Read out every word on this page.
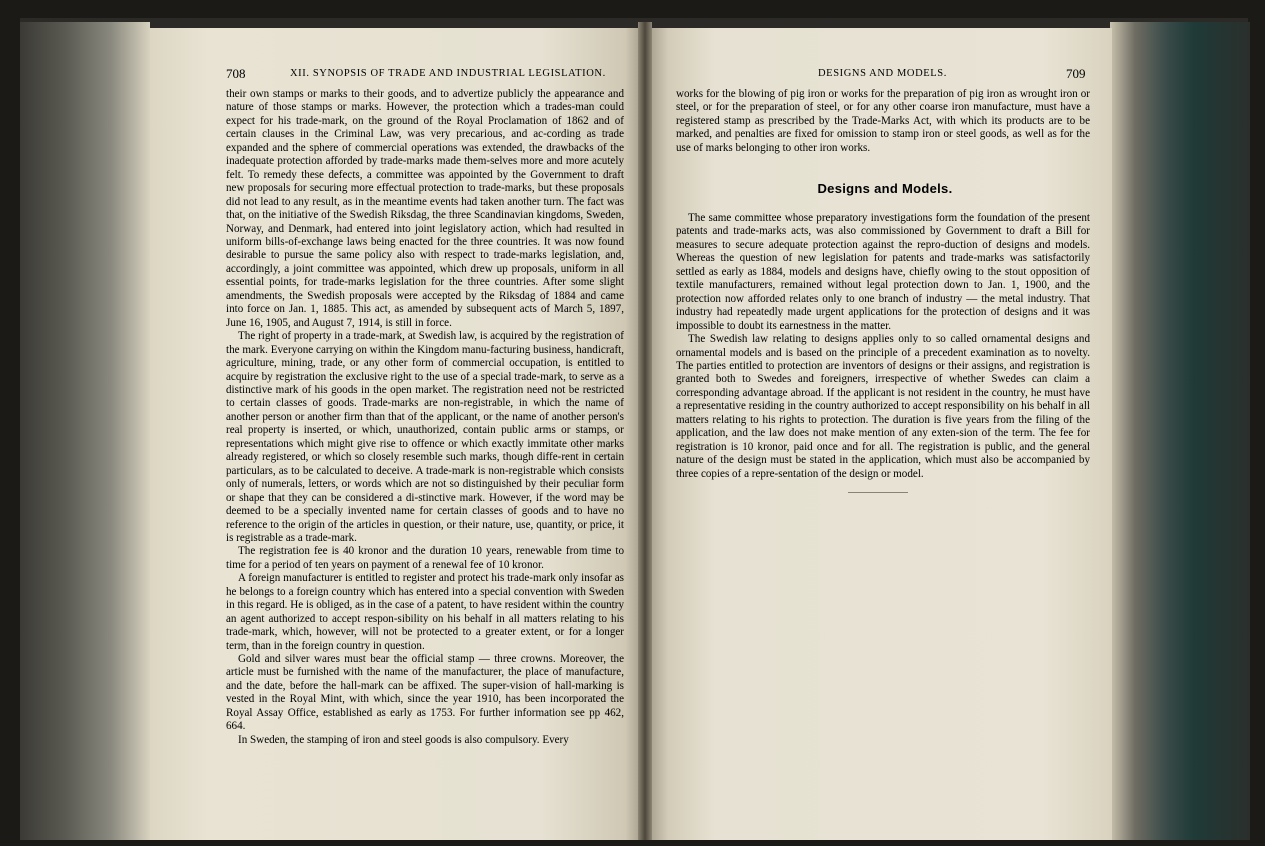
708	XII. SYNOPSIS OF TRADE AND INDUSTRIAL LEGISLATION.

their own stamps or marks to their goods, and to advertize publicly the appearance and nature of those stamps or marks. However, the protection which a trades-man could expect for his trade-mark, on the ground of the Royal Proclamation of 1862 and of certain clauses in the Criminal Law, was very precarious, and ac-cording as trade expanded and the sphere of commercial operations was extended, the drawbacks of the inadequate protection afforded by trade-marks made them-selves more and more acutely felt. To remedy these defects, a committee was appointed by the Government to draft new proposals for securing more effectual protection to trade-marks, but these proposals did not lead to any result, as in the meantime events had taken another turn. The fact was that, on the initiative of the Swedish Riksdag, the three Scandinavian kingdoms, Sweden, Norway, and Denmark, had entered into joint legislatory action, which had resulted in uniform bills-of-exchange laws being enacted for the three countries. It was now found desirable to pursue the same policy also with respect to trade-marks legislation, and, accordingly, a joint committee was appointed, which drew up proposals, uniform in all essential points, for trade-marks legislation for the three countries. After some slight amendments, the Swedish proposals were accepted by the Riksdag of 1884 and came into force on Jan. 1, 1885. This act, as amended by subsequent acts of March 5, 1897, June 16, 1905, and August 7, 1914, is still in force.

The right of property in a trade-mark, at Swedish law, is acquired by the registration of the mark. Everyone carrying on within the Kingdom manu-facturing business, handicraft, agriculture, mining, trade, or any other form of commercial occupation, is entitled to acquire by registration the exclusive right to the use of a special trade-mark, to serve as a distinctive mark of his goods in the open market. The registration need not be restricted to certain classes of goods. Trade-marks are non-registrable, in which the name of another person or another firm than that of the applicant, or the name of another person's real property is inserted, or which, unauthorized, contain public arms or stamps, or representations which might give rise to offence or which exactly immitate other marks already registered, or which so closely resemble such marks, though diffe-rent in certain particulars, as to be calculated to deceive. A trade-mark is non-registrable which consists only of numerals, letters, or words which are not so distinguished by their peculiar form or shape that they can be considered a di-stinctive mark. However, if the word may be deemed to be a specially invented name for certain classes of goods and to have no reference to the origin of the articles in question, or their nature, use, quantity, or price, it is registrable as a trade-mark.

The registration fee is 40 kronor and the duration 10 years, renewable from time to time for a period of ten years on payment of a renewal fee of 10 kronor.

A foreign manufacturer is entitled to register and protect his trade-mark only insofar as he belongs to a foreign country which has entered into a special convention with Sweden in this regard. He is obliged, as in the case of a patent, to have resident within the country an agent authorized to accept respon-sibility on his behalf in all matters relating to his trade-mark, which, however, will not be protected to a greater extent, or for a longer term, than in the foreign country in question.

Gold and silver wares must bear the official stamp — three crowns. Moreover, the article must be furnished with the name of the manufacturer, the place of manufacture, and the date, before the hall-mark can be affixed. The super-vision of hall-marking is vested in the Royal Mint, with which, since the year 1910, has been incorporated the Royal Assay Office, established as early as 1753. For further information see pp 462, 664.

In Sweden, the stamping of iron and steel goods is also compulsory. Every

DESIGNS AND MODELS.	709

works for the blowing of pig iron or works for the preparation of pig iron as wrought iron or steel, or for the preparation of steel, or for any other coarse iron manufacture, must have a registered stamp as prescribed by the Trade-Marks Act, with which its products are to be marked, and penalties are fixed for omission to stamp iron or steel goods, as well as for the use of marks belonging to other iron works.

Designs and Models.

The same committee whose preparatory investigations form the foundation of the present patents and trade-marks acts, was also commissioned by Government to draft a Bill for measures to secure adequate protection against the repro-duction of designs and models. Whereas the question of new legislation for patents and trade-marks was satisfactorily settled as early as 1884, models and designs have, chiefly owing to the stout opposition of textile manufacturers, remained without legal protection down to Jan. 1, 1900, and the protection now afforded relates only to one branch of industry — the metal industry. That industry had repeatedly made urgent applications for the protection of designs and it was impossible to doubt its earnestness in the matter.

The Swedish law relating to designs applies only to so called ornamental designs and ornamental models and is based on the principle of a precedent examination as to novelty. The parties entitled to protection are inventors of designs or their assigns, and registration is granted both to Swedes and foreigners, irrespective of whether Swedes can claim a corresponding advantage abroad. If the applicant is not resident in the country, he must have a representative residing in the country authorized to accept responsibility on his behalf in all matters relating to his rights to protection. The duration is five years from the filing of the application, and the law does not make mention of any exten-sion of the term. The fee for registration is 10 kronor, paid once and for all. The registration is public, and the general nature of the design must be stated in the application, which must also be accompanied by three copies of a repre-sentation of the design or model.
